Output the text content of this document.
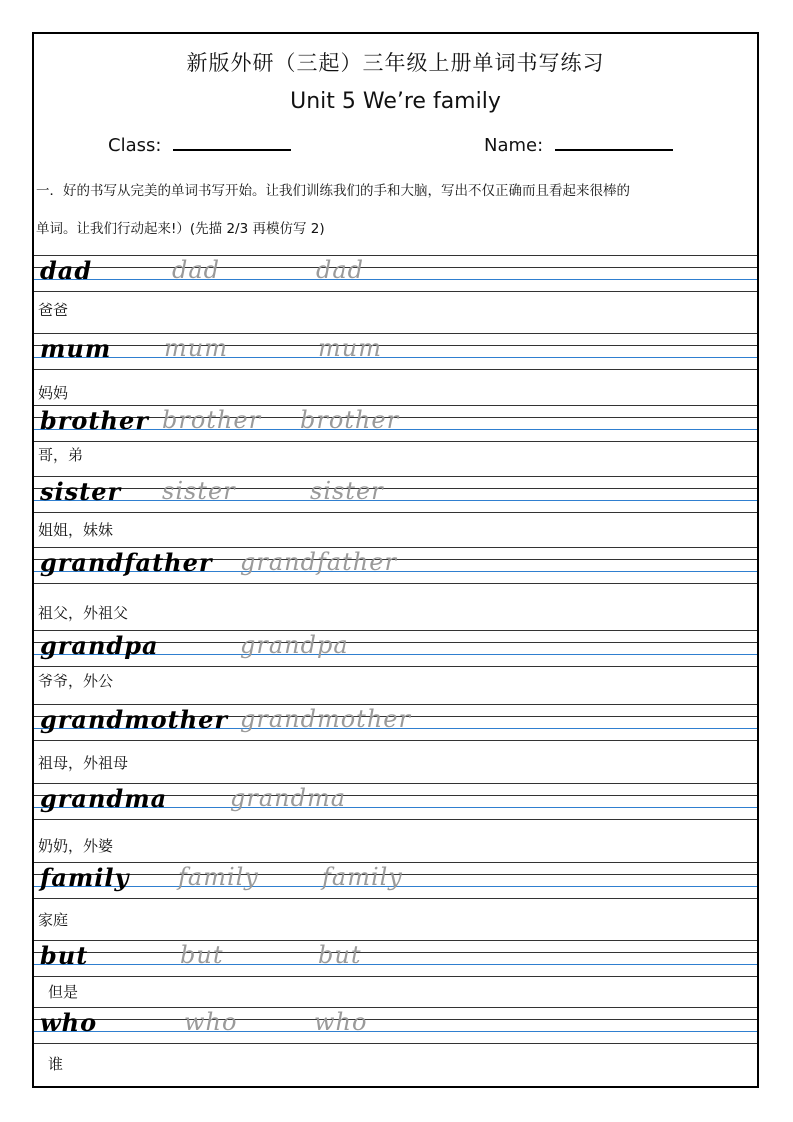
新版外研（三起）三年级上册单词书写练习
Unit 5 We’re family
Class:	Name:
一．好的书写从完美的单词书写开始。让我们训练我们的手和大脑，写出不仅正确而且看起来很棒的
单词。让我们行动起来!）(先描 2/3 再模仿写 2)
dad	dad	dad
爸爸
mum mum	mum
妈妈
brother brother brother
哥，弟
sister sister	sister
姐姐，妹妹
grandfather grandfather
祖父，外祖父
grandpa	grandpa
爷爷，外公
grandmother grandmother
祖母，外祖母
grandma	grandma
奶奶，外婆
family family	family
家庭
but	but	but
但是
who	who	who
谁
